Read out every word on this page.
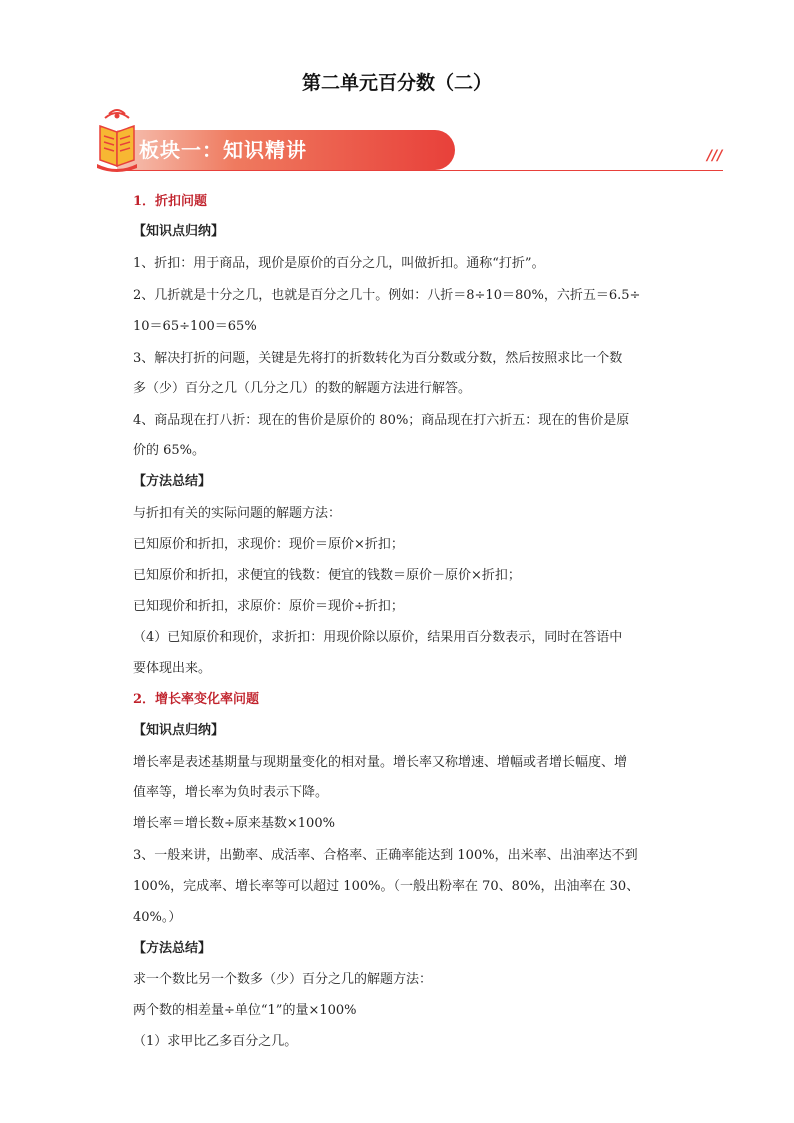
第二单元百分数（二）
板块一：知识精讲	///
1．折扣问题
【知识点归纳】
1、折扣：用于商品，现价是原价的百分之几，叫做折扣。通称“打折”。
2、几折就是十分之几，也就是百分之几十。例如：八折＝8÷10＝80%，六折五＝6.5÷
10＝65÷100＝65%
3、解决打折的问题，关键是先将打的折数转化为百分数或分数，然后按照求比一个数
多（少）百分之几（几分之几）的数的解题方法进行解答。
4、商品现在打八折：现在的售价是原价的 80%；商品现在打六折五：现在的售价是原
价的 65%。
【方法总结】
与折扣有关的实际问题的解题方法：
已知原价和折扣，求现价：现价＝原价×折扣；
已知原价和折扣，求便宜的钱数：便宜的钱数＝原价－原价×折扣；
已知现价和折扣，求原价：原价＝现价÷折扣；
（4）已知原价和现价，求折扣：用现价除以原价，结果用百分数表示，同时在答语中
要体现出来。
2．增长率变化率问题
【知识点归纳】
增长率是表述基期量与现期量变化的相对量。增长率又称增速、增幅或者增长幅度、增
值率等，增长率为负时表示下降。
增长率＝增长数÷原来基数×100%
3、一般来讲，出勤率、成活率、合格率、正确率能达到 100%，出米率、出油率达不到
100%，完成率、增长率等可以超过 100%。（一般出粉率在 70、80%，出油率在 30、
40%。）
【方法总结】
求一个数比另一个数多（少）百分之几的解题方法：
两个数的相差量÷单位“1”的量×100%
（1）求甲比乙多百分之几。
